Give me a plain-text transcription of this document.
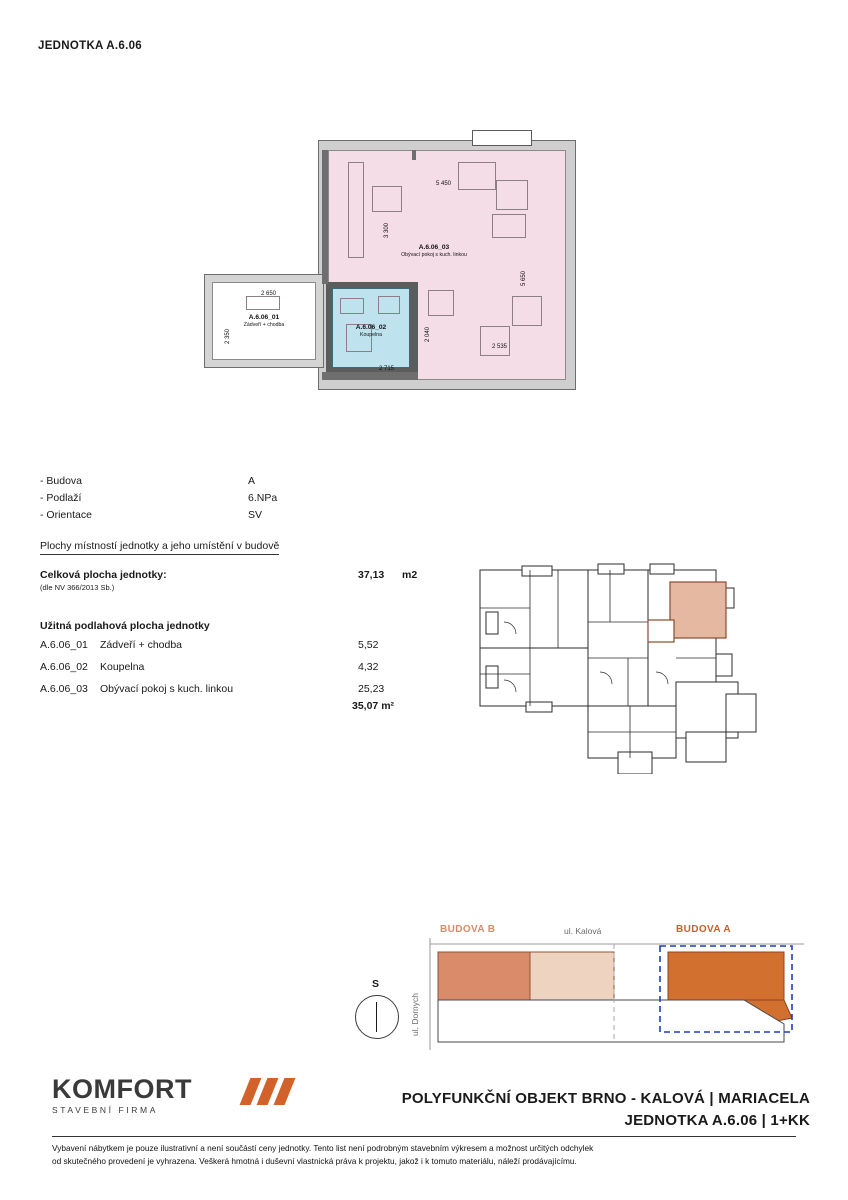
JEDNOTKA A.6.06
A.6.06_01
Zádveří + chodba	A.6.06_02
Koupelna
A.6.06_03
Obývací pokoj s kuch. linkou
5 450
3 300
5 650
2 650
2 350
2 535
2 040
2 715
- Budova	A
- Podlaží	6.NPa
- Orientace	SV
Plochy místností jednotky a jeho umístění v budově
Celková plocha jednotky:
(dle NV 366/2013 Sb.)
37,13 m2
Užitná podlahová plocha jednotky
A.6.06_01 Zádveří + chodba	5,52
A.6.06_02 Koupelna	4,32
A.6.06_03 Obývací pokoj s kuch. linkou	25,23
35,07 m²
BUDOVA B	BUDOVA A
ul. Kalová
ul. Dornych
S
KOMFORT
STAVEBNÍ FIRMA
POLYFUNKČNÍ OBJEKT BRNO - KALOVÁ | MARIACELA
JEDNOTKA A.6.06 | 1+KK
Vybavení nábytkem je pouze ilustrativní a není součástí ceny jednotky. Tento list není podrobným stavebním výkresem a možnost určitých odchylek
od skutečného provedení je vyhrazena. Veškerá hmotná i duševní vlastnická práva k projektu, jakož i k tomuto materiálu, náleží prodávajícímu.
